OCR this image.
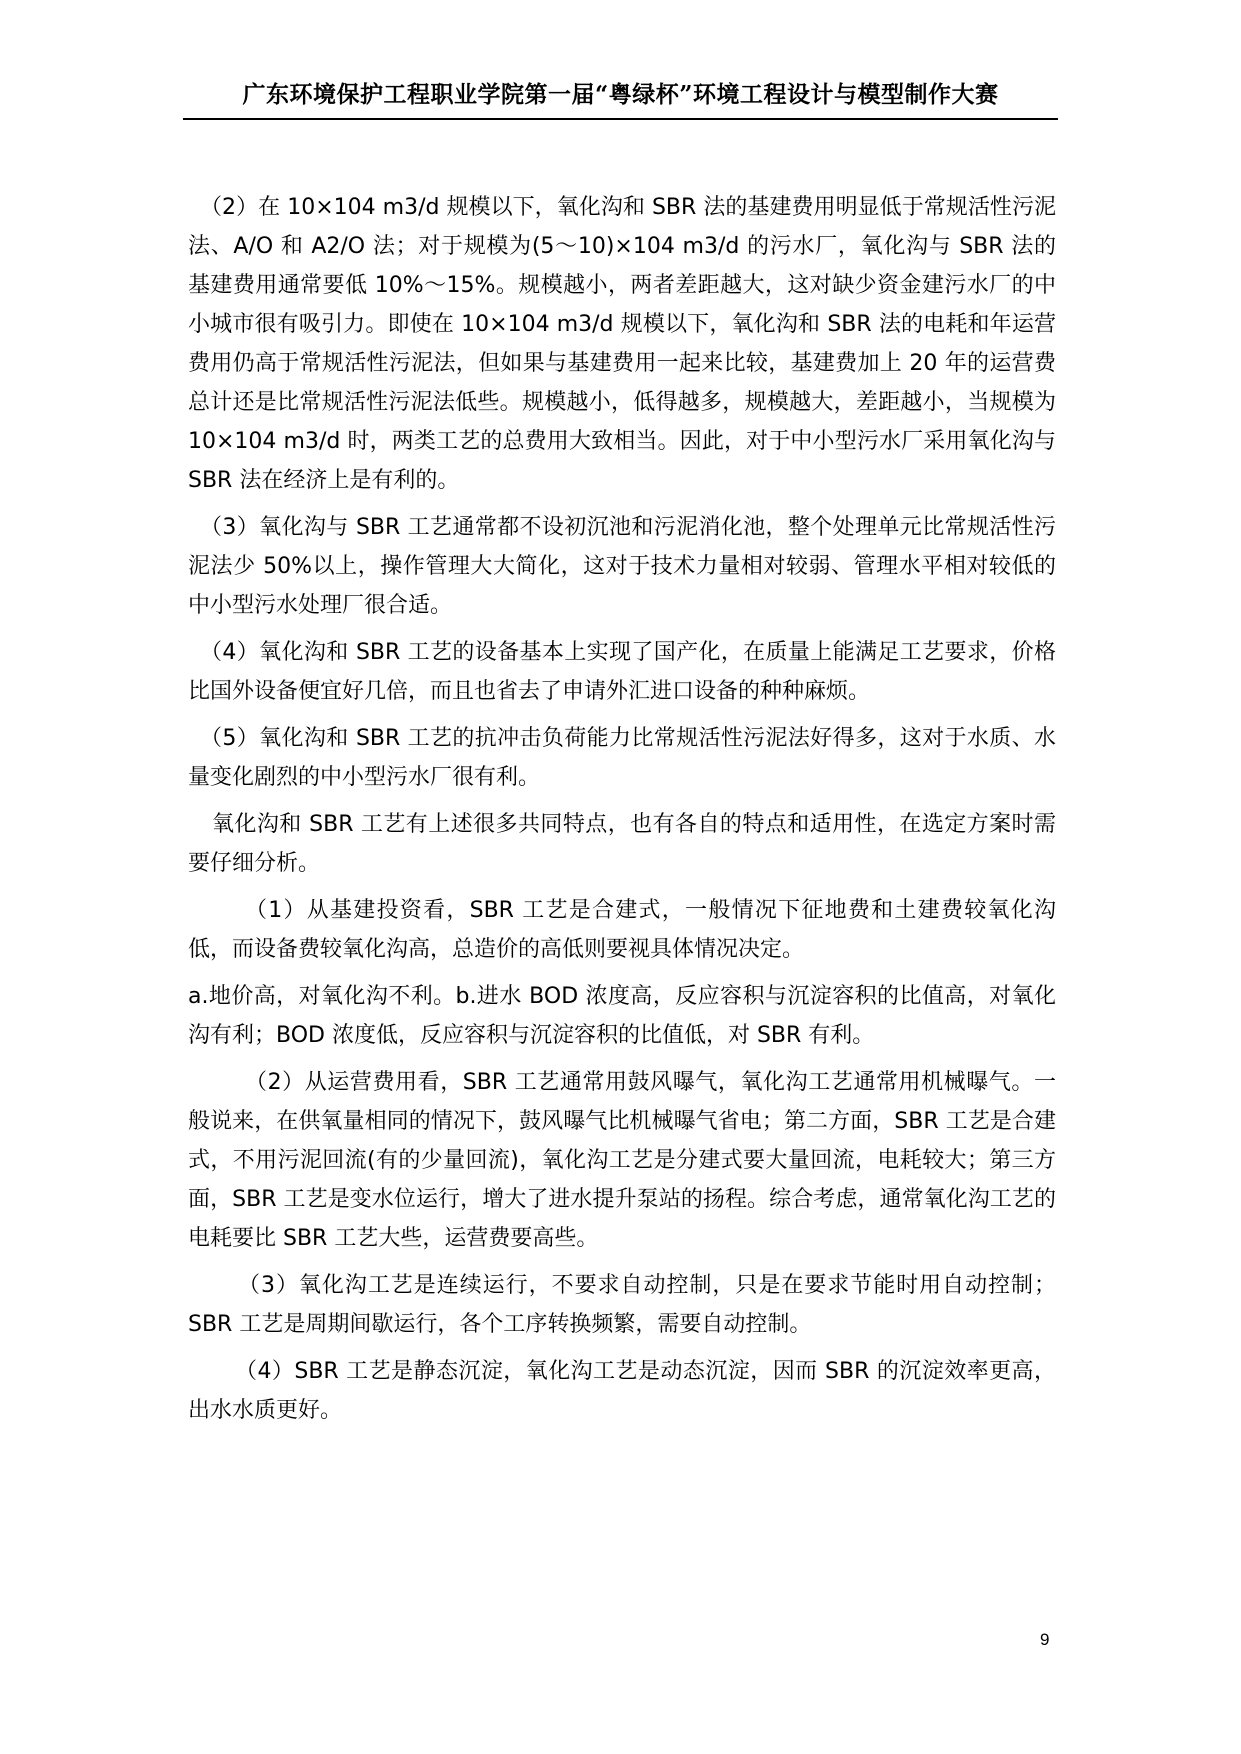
广东环境保护工程职业学院第一届“粤绿杯”环境工程设计与模型制作大赛

（2）在 10×104 m3/d 规模以下，氧化沟和 SBR 法的基建费用明显低于常规活性污泥法、A/O 和 A2/O 法；对于规模为(5～10)×104 m3/d 的污水厂，氧化沟与 SBR 法的基建费用通常要低 10%～15%。规模越小，两者差距越大，这对缺少资金建污水厂的中小城市很有吸引力。即使在 10×104 m3/d 规模以下，氧化沟和 SBR 法的电耗和年运营费用仍高于常规活性污泥法，但如果与基建费用一起来比较，基建费加上 20 年的运营费总计还是比常规活性污泥法低些。规模越小，低得越多，规模越大，差距越小，当规模为 10×104 m3/d 时，两类工艺的总费用大致相当。因此，对于中小型污水厂采用氧化沟与 SBR 法在经济上是有利的。

（3）氧化沟与 SBR 工艺通常都不设初沉池和污泥消化池，整个处理单元比常规活性污泥法少 50%以上，操作管理大大简化，这对于技术力量相对较弱、管理水平相对较低的中小型污水处理厂很合适。

（4）氧化沟和 SBR 工艺的设备基本上实现了国产化，在质量上能满足工艺要求，价格比国外设备便宜好几倍，而且也省去了申请外汇进口设备的种种麻烦。

（5）氧化沟和 SBR 工艺的抗冲击负荷能力比常规活性污泥法好得多，这对于水质、水量变化剧烈的中小型污水厂很有利。

氧化沟和 SBR 工艺有上述很多共同特点，也有各自的特点和适用性，在选定方案时需要仔细分析。

（1）从基建投资看，SBR 工艺是合建式，一般情况下征地费和土建费较氧化沟低，而设备费较氧化沟高，总造价的高低则要视具体情况决定。

a.地价高，对氧化沟不利。b.进水 BOD 浓度高，反应容积与沉淀容积的比值高，对氧化沟有利；BOD 浓度低，反应容积与沉淀容积的比值低，对 SBR 有利。

（2）从运营费用看，SBR 工艺通常用鼓风曝气，氧化沟工艺通常用机械曝气。一般说来，在供氧量相同的情况下，鼓风曝气比机械曝气省电；第二方面，SBR 工艺是合建式，不用污泥回流(有的少量回流)，氧化沟工艺是分建式要大量回流，电耗较大；第三方面，SBR 工艺是变水位运行，增大了进水提升泵站的扬程。综合考虑，通常氧化沟工艺的电耗要比 SBR 工艺大些，运营费要高些。

（3）氧化沟工艺是连续运行，不要求自动控制，只是在要求节能时用自动控制；SBR 工艺是周期间歇运行，各个工序转换频繁，需要自动控制。

（4）SBR 工艺是静态沉淀，氧化沟工艺是动态沉淀，因而 SBR 的沉淀效率更高，出水水质更好。

9
